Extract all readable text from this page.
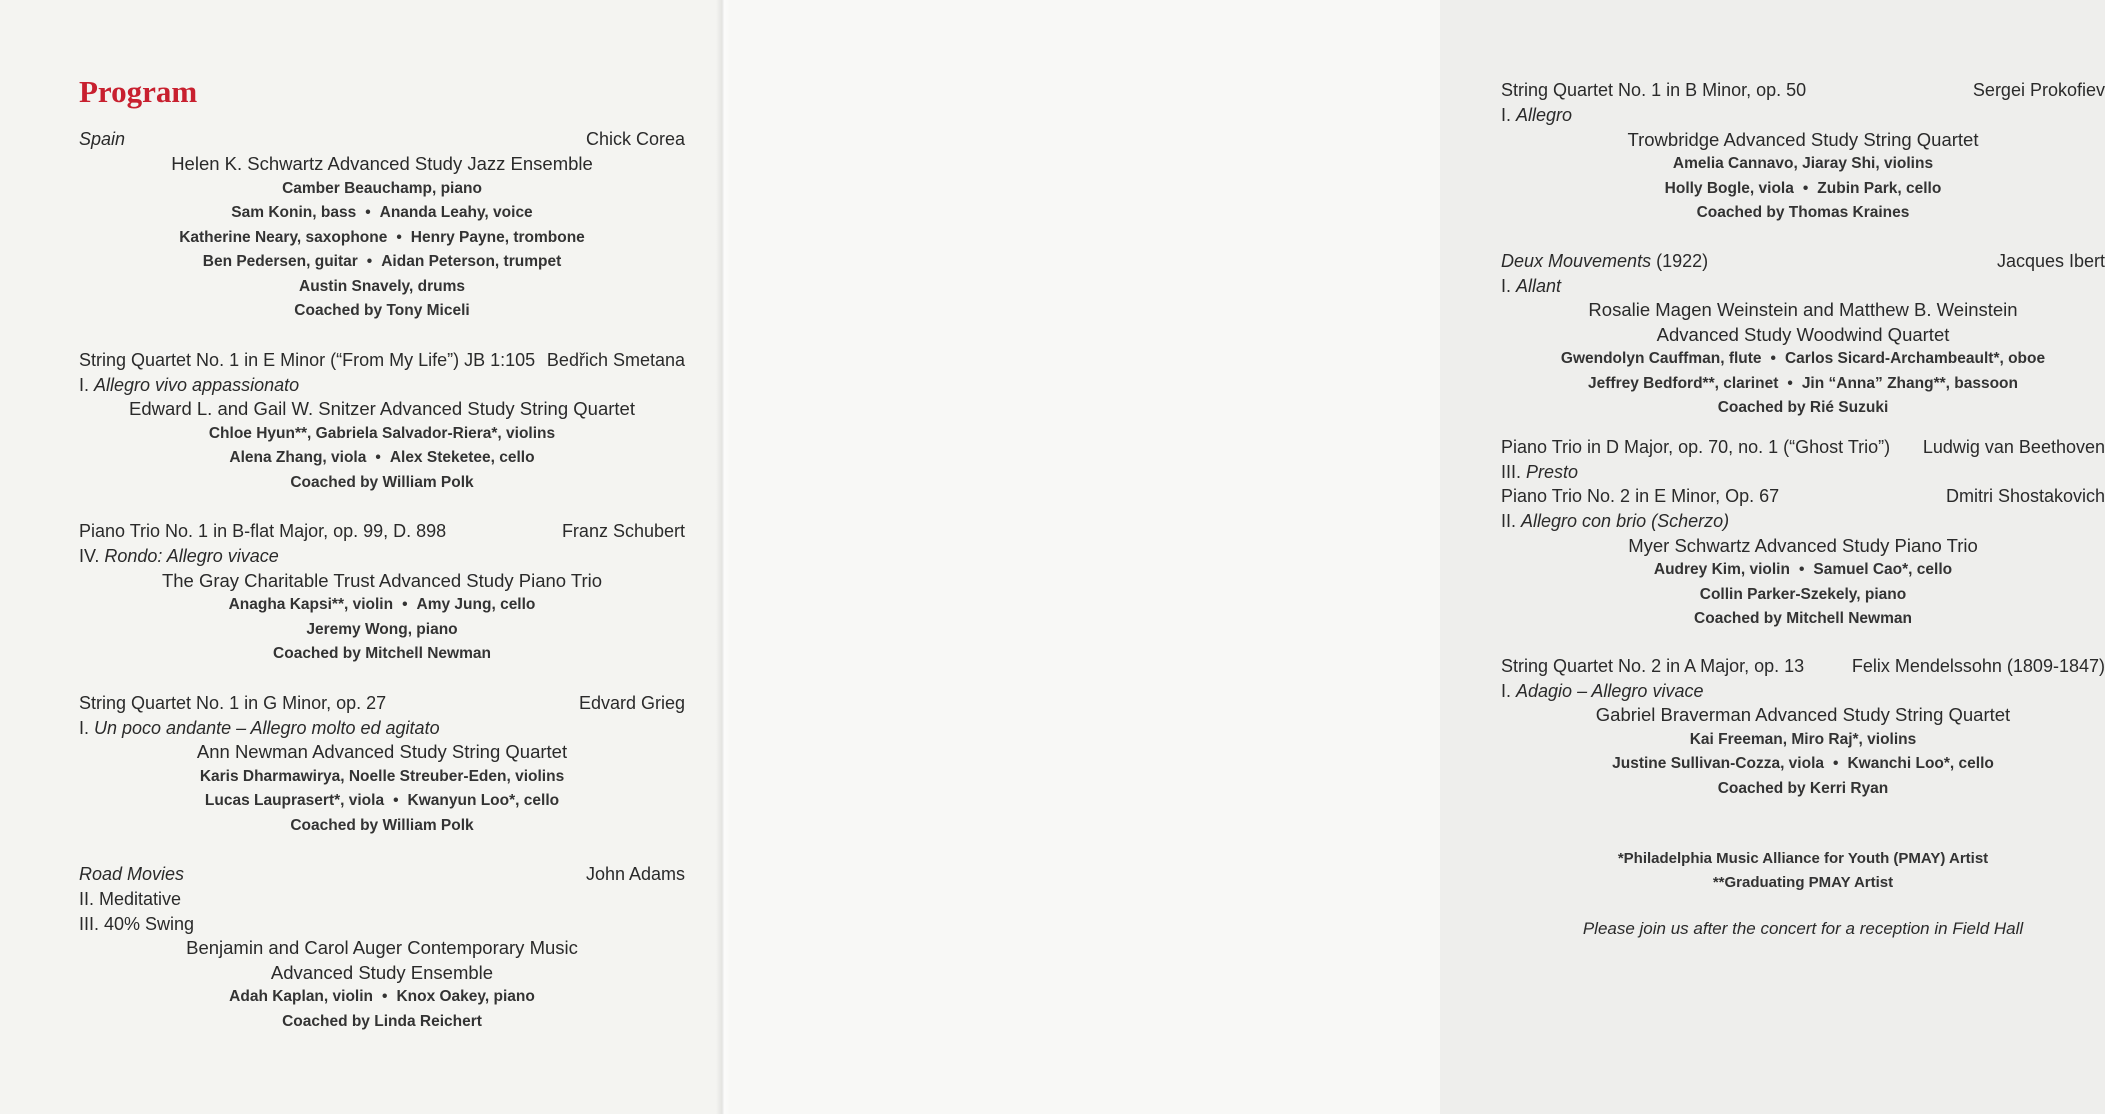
Program
Spain	Chick Corea
Helen K. Schwartz Advanced Study Jazz Ensemble
Camber Beauchamp, piano
Sam Konin, bass • Ananda Leahy, voice
Katherine Neary, saxophone • Henry Payne, trombone
Ben Pedersen, guitar • Aidan Peterson, trumpet
Austin Snavely, drums
Coached by Tony Miceli
String Quartet No. 1 in E Minor (“From My Life”) JB 1:105 Bedřich Smetana
I. Allegro vivo appassionato
Edward L. and Gail W. Snitzer Advanced Study String Quartet
Chloe Hyun**, Gabriela Salvador-Riera*, violins
Alena Zhang, viola • Alex Steketee, cello
Coached by William Polk
Piano Trio No. 1 in B-flat Major, op. 99, D. 898	Franz Schubert
IV. Rondo: Allegro vivace
The Gray Charitable Trust Advanced Study Piano Trio
Anagha Kapsi**, violin • Amy Jung, cello
Jeremy Wong, piano
Coached by Mitchell Newman
String Quartet No. 1 in G Minor, op. 27	Edvard Grieg
I. Un poco andante – Allegro molto ed agitato
Ann Newman Advanced Study String Quartet
Karis Dharmawirya, Noelle Streuber-Eden, violins
Lucas Lauprasert*, viola • Kwanyun Loo*, cello
Coached by William Polk
Road Movies	John Adams
II. Meditative
III. 40% Swing
Benjamin and Carol Auger Contemporary Music
Advanced Study Ensemble
Adah Kaplan, violin • Knox Oakey, piano
Coached by Linda Reichert
String Quartet No. 1 in B Minor, op. 50	Sergei Prokofiev
I. Allegro
Trowbridge Advanced Study String Quartet
Amelia Cannavo, Jiaray Shi, violins
Holly Bogle, viola • Zubin Park, cello
Coached by Thomas Kraines
Deux Mouvements (1922)	Jacques Ibert
I. Allant
Rosalie Magen Weinstein and Matthew B. Weinstein
Advanced Study Woodwind Quartet
Gwendolyn Cauffman, flute • Carlos Sicard-Archambeault*, oboe
Jeffrey Bedford**, clarinet • Jin “Anna” Zhang**, bassoon
Coached by Rié Suzuki
Piano Trio in D Major, op. 70, no. 1 (“Ghost Trio”) Ludwig van Beethoven
III. Presto
Piano Trio No. 2 in E Minor, Op. 67	Dmitri Shostakovich
II. Allegro con brio (Scherzo)
Myer Schwartz Advanced Study Piano Trio
Audrey Kim, violin • Samuel Cao*, cello
Collin Parker-Szekely, piano
Coached by Mitchell Newman
String Quartet No. 2 in A Major, op. 13	Felix Mendelssohn (1809-1847)
I. Adagio – Allegro vivace
Gabriel Braverman Advanced Study String Quartet
Kai Freeman, Miro Raj*, violins
Justine Sullivan-Cozza, viola • Kwanchi Loo*, cello
Coached by Kerri Ryan
*Philadelphia Music Alliance for Youth (PMAY) Artist
**Graduating PMAY Artist
Please join us after the concert for a reception in Field Hall
